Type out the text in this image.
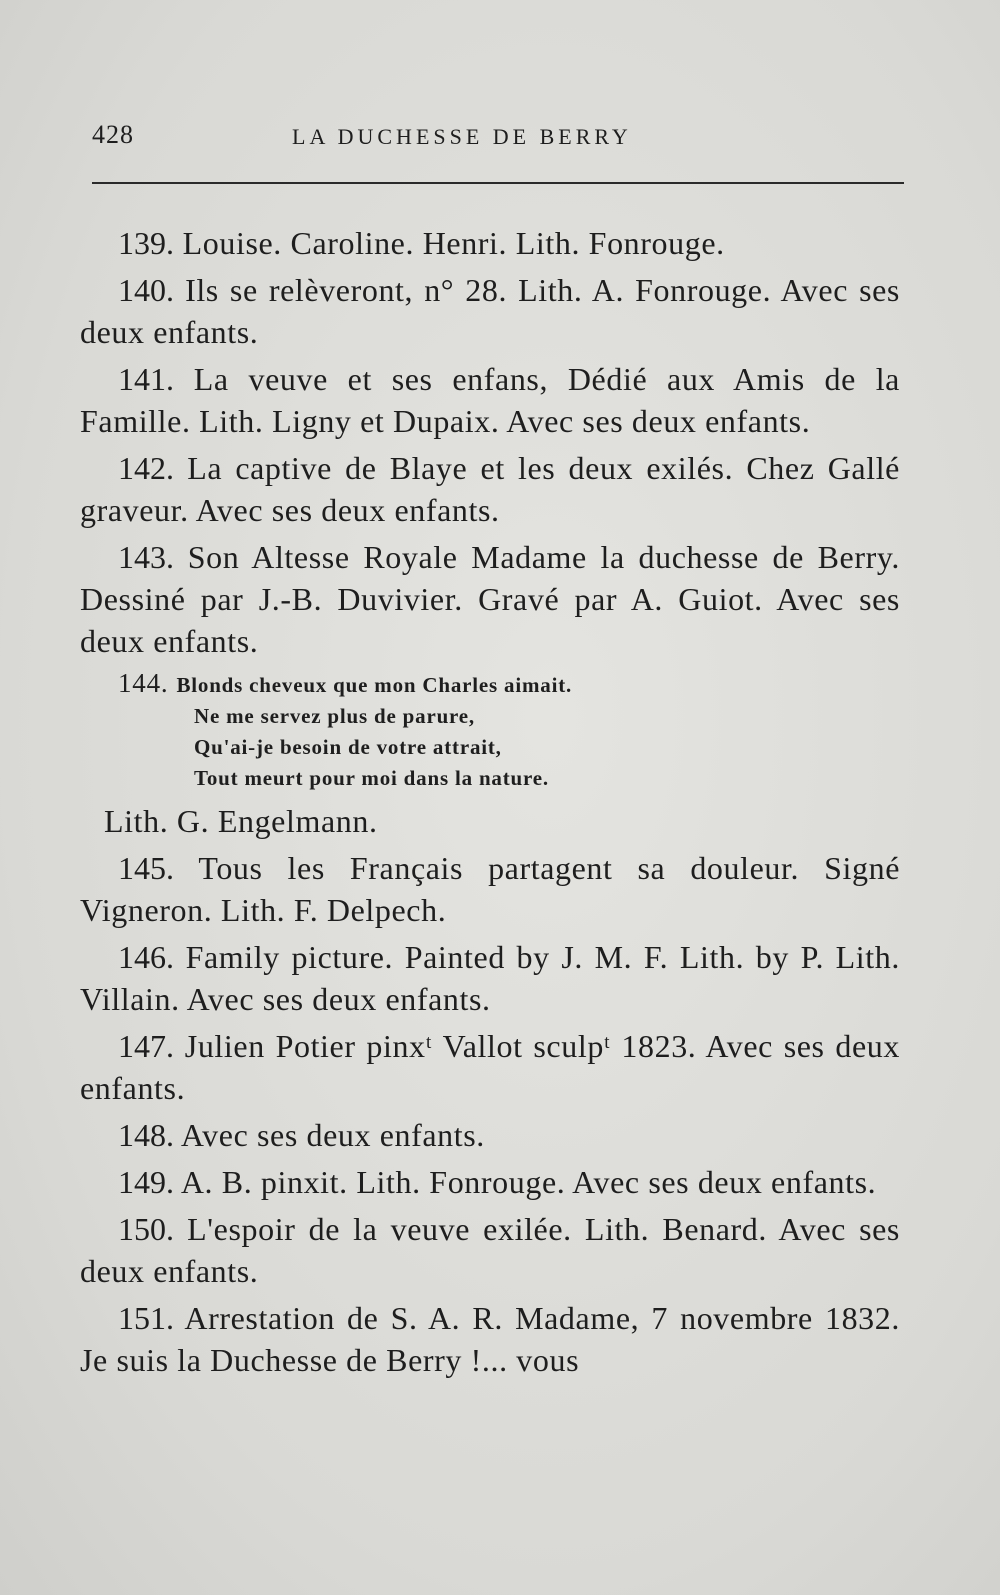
428	LA DUCHESSE DE BERRY

139. Louise. Caroline. Henri. Lith. Fonrouge.

140. Ils se relèveront, n° 28. Lith. A. Fonrouge. Avec ses deux enfants.

141. La veuve et ses enfans, Dédié aux Amis de la Famille. Lith. Ligny et Dupaix. Avec ses deux enfants.

142. La captive de Blaye et les deux exilés. Chez Gallé graveur. Avec ses deux enfants.

143. Son Altesse Royale Madame la duchesse de Berry. Dessiné par J.-B. Duvivier. Gravé par A. Guiot. Avec ses deux enfants.

144. Blonds cheveux que mon Charles aimait.
Ne me servez plus de parure,
Qu'ai-je besoin de votre attrait,
Tout meurt pour moi dans la nature.

Lith. G. Engelmann.

145. Tous les Français partagent sa douleur. Signé Vigneron. Lith. F. Delpech.

146. Family picture. Painted by J. M. F. Lith. by P. Lith. Villain. Avec ses deux enfants.

147. Julien Potier pinxᵗ Vallot sculpᵗ 1823. Avec ses deux enfants.

148. Avec ses deux enfants.

149. A. B. pinxit. Lith. Fonrouge. Avec ses deux enfants.

150. L'espoir de la veuve exilée. Lith. Benard. Avec ses deux enfants.

151. Arrestation de S. A. R. Madame, 7 novembre 1832. Je suis la Duchesse de Berry !... vous
